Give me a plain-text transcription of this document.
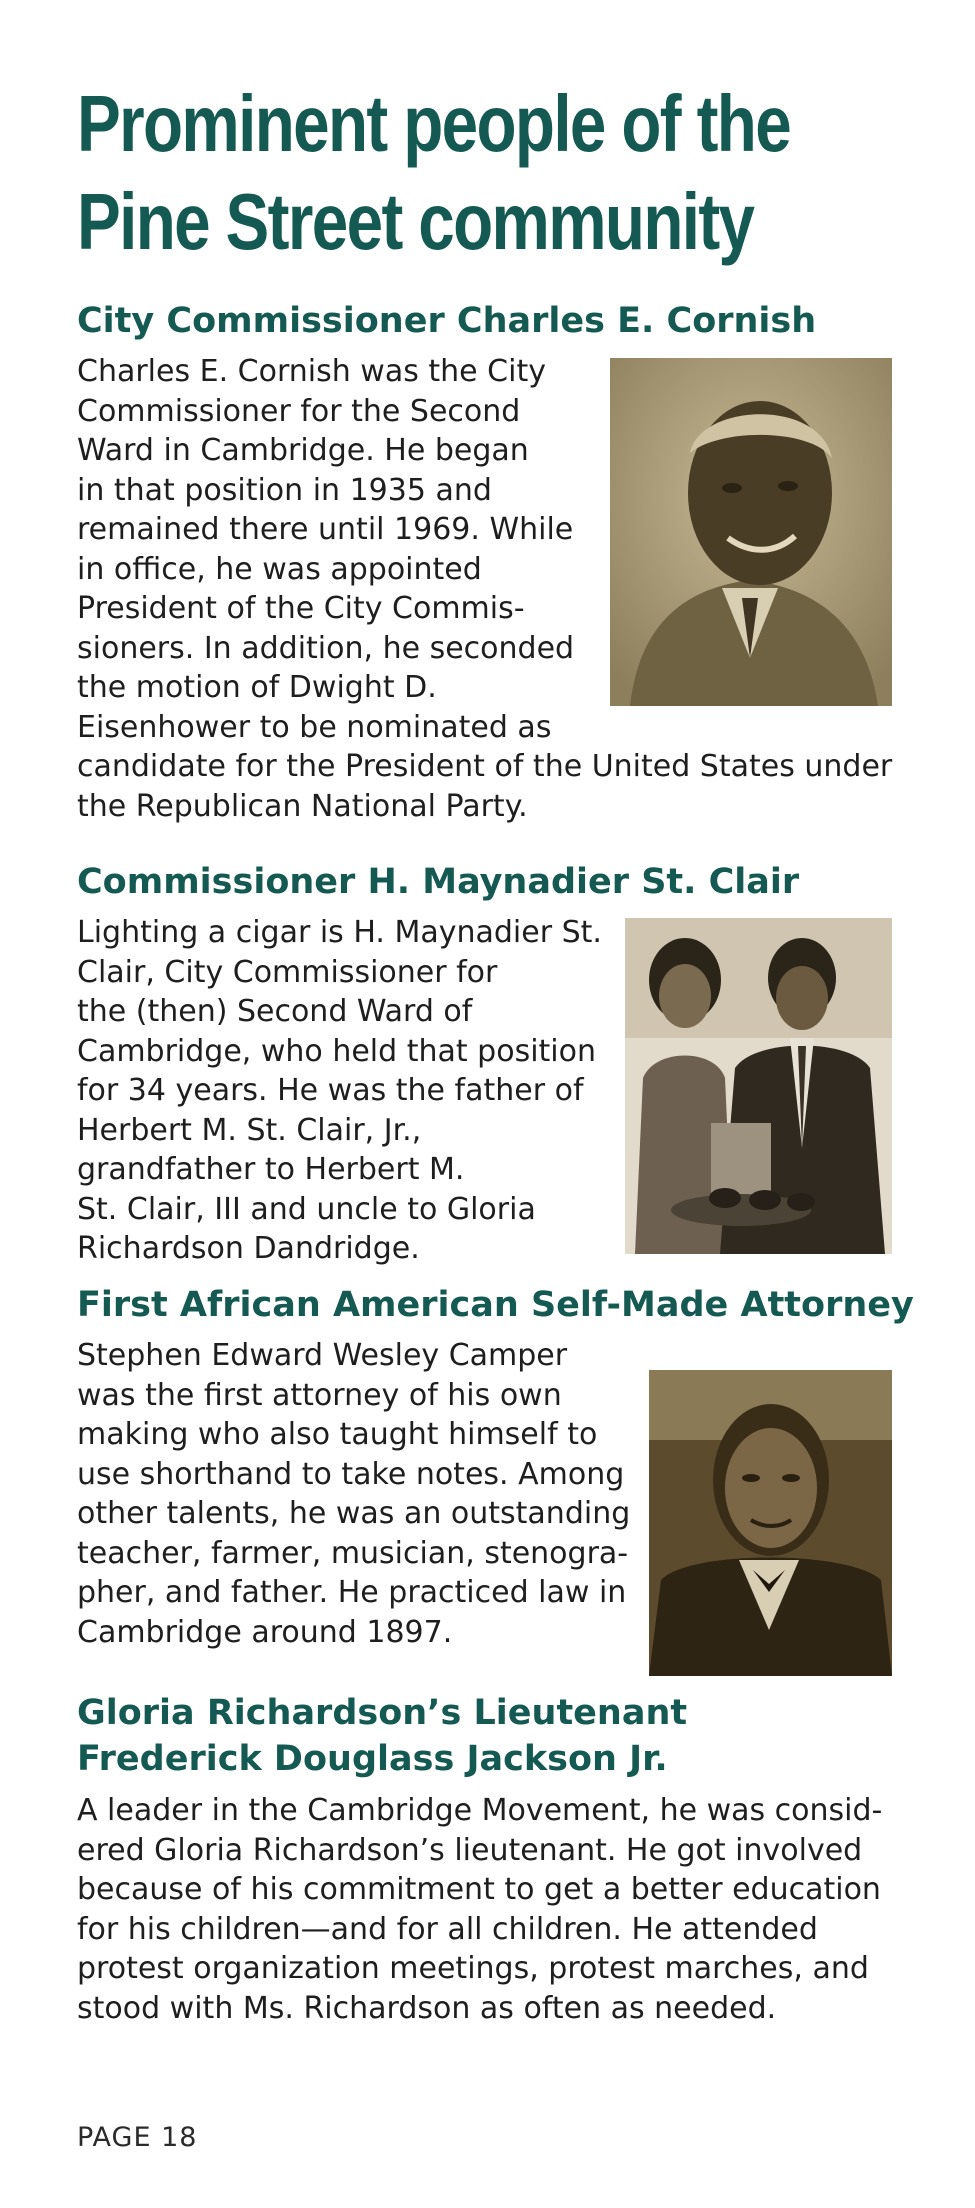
Prominent people of the
Pine Street community
City Commissioner Charles E. Cornish
Charles E. Cornish was the City
Commissioner for the Second
Ward in Cambridge. He began
in that position in 1935 and
remained there until 1969. While
in office, he was appointed
President of the City Commis-
sioners. In addition, he seconded
the motion of Dwight D.
Eisenhower to be nominated as
candidate for the President of the United States under
the Republican National Party.
Commissioner H. Maynadier St. Clair
Lighting a cigar is H. Maynadier St.
Clair, City Commissioner for
the (then) Second Ward of
Cambridge, who held that position
for 34 years. He was the father of
Herbert M. St. Clair, Jr.,
grandfather to Herbert M.
St. Clair, III and uncle to Gloria
Richardson Dandridge.
First African American Self-Made Attorney
Stephen Edward Wesley Camper
was the first attorney of his own
making who also taught himself to
use shorthand to take notes. Among
other talents, he was an outstanding
teacher, farmer, musician, stenogra-
pher, and father. He practiced law in
Cambridge around 1897.
Gloria Richardson’s Lieutenant
Frederick Douglass Jackson Jr.
A leader in the Cambridge Movement, he was consid-
ered Gloria Richardson’s lieutenant. He got involved
because of his commitment to get a better education
for his children—and for all children. He attended
protest organization meetings, protest marches, and
stood with Ms. Richardson as often as needed.

PAGE 18
